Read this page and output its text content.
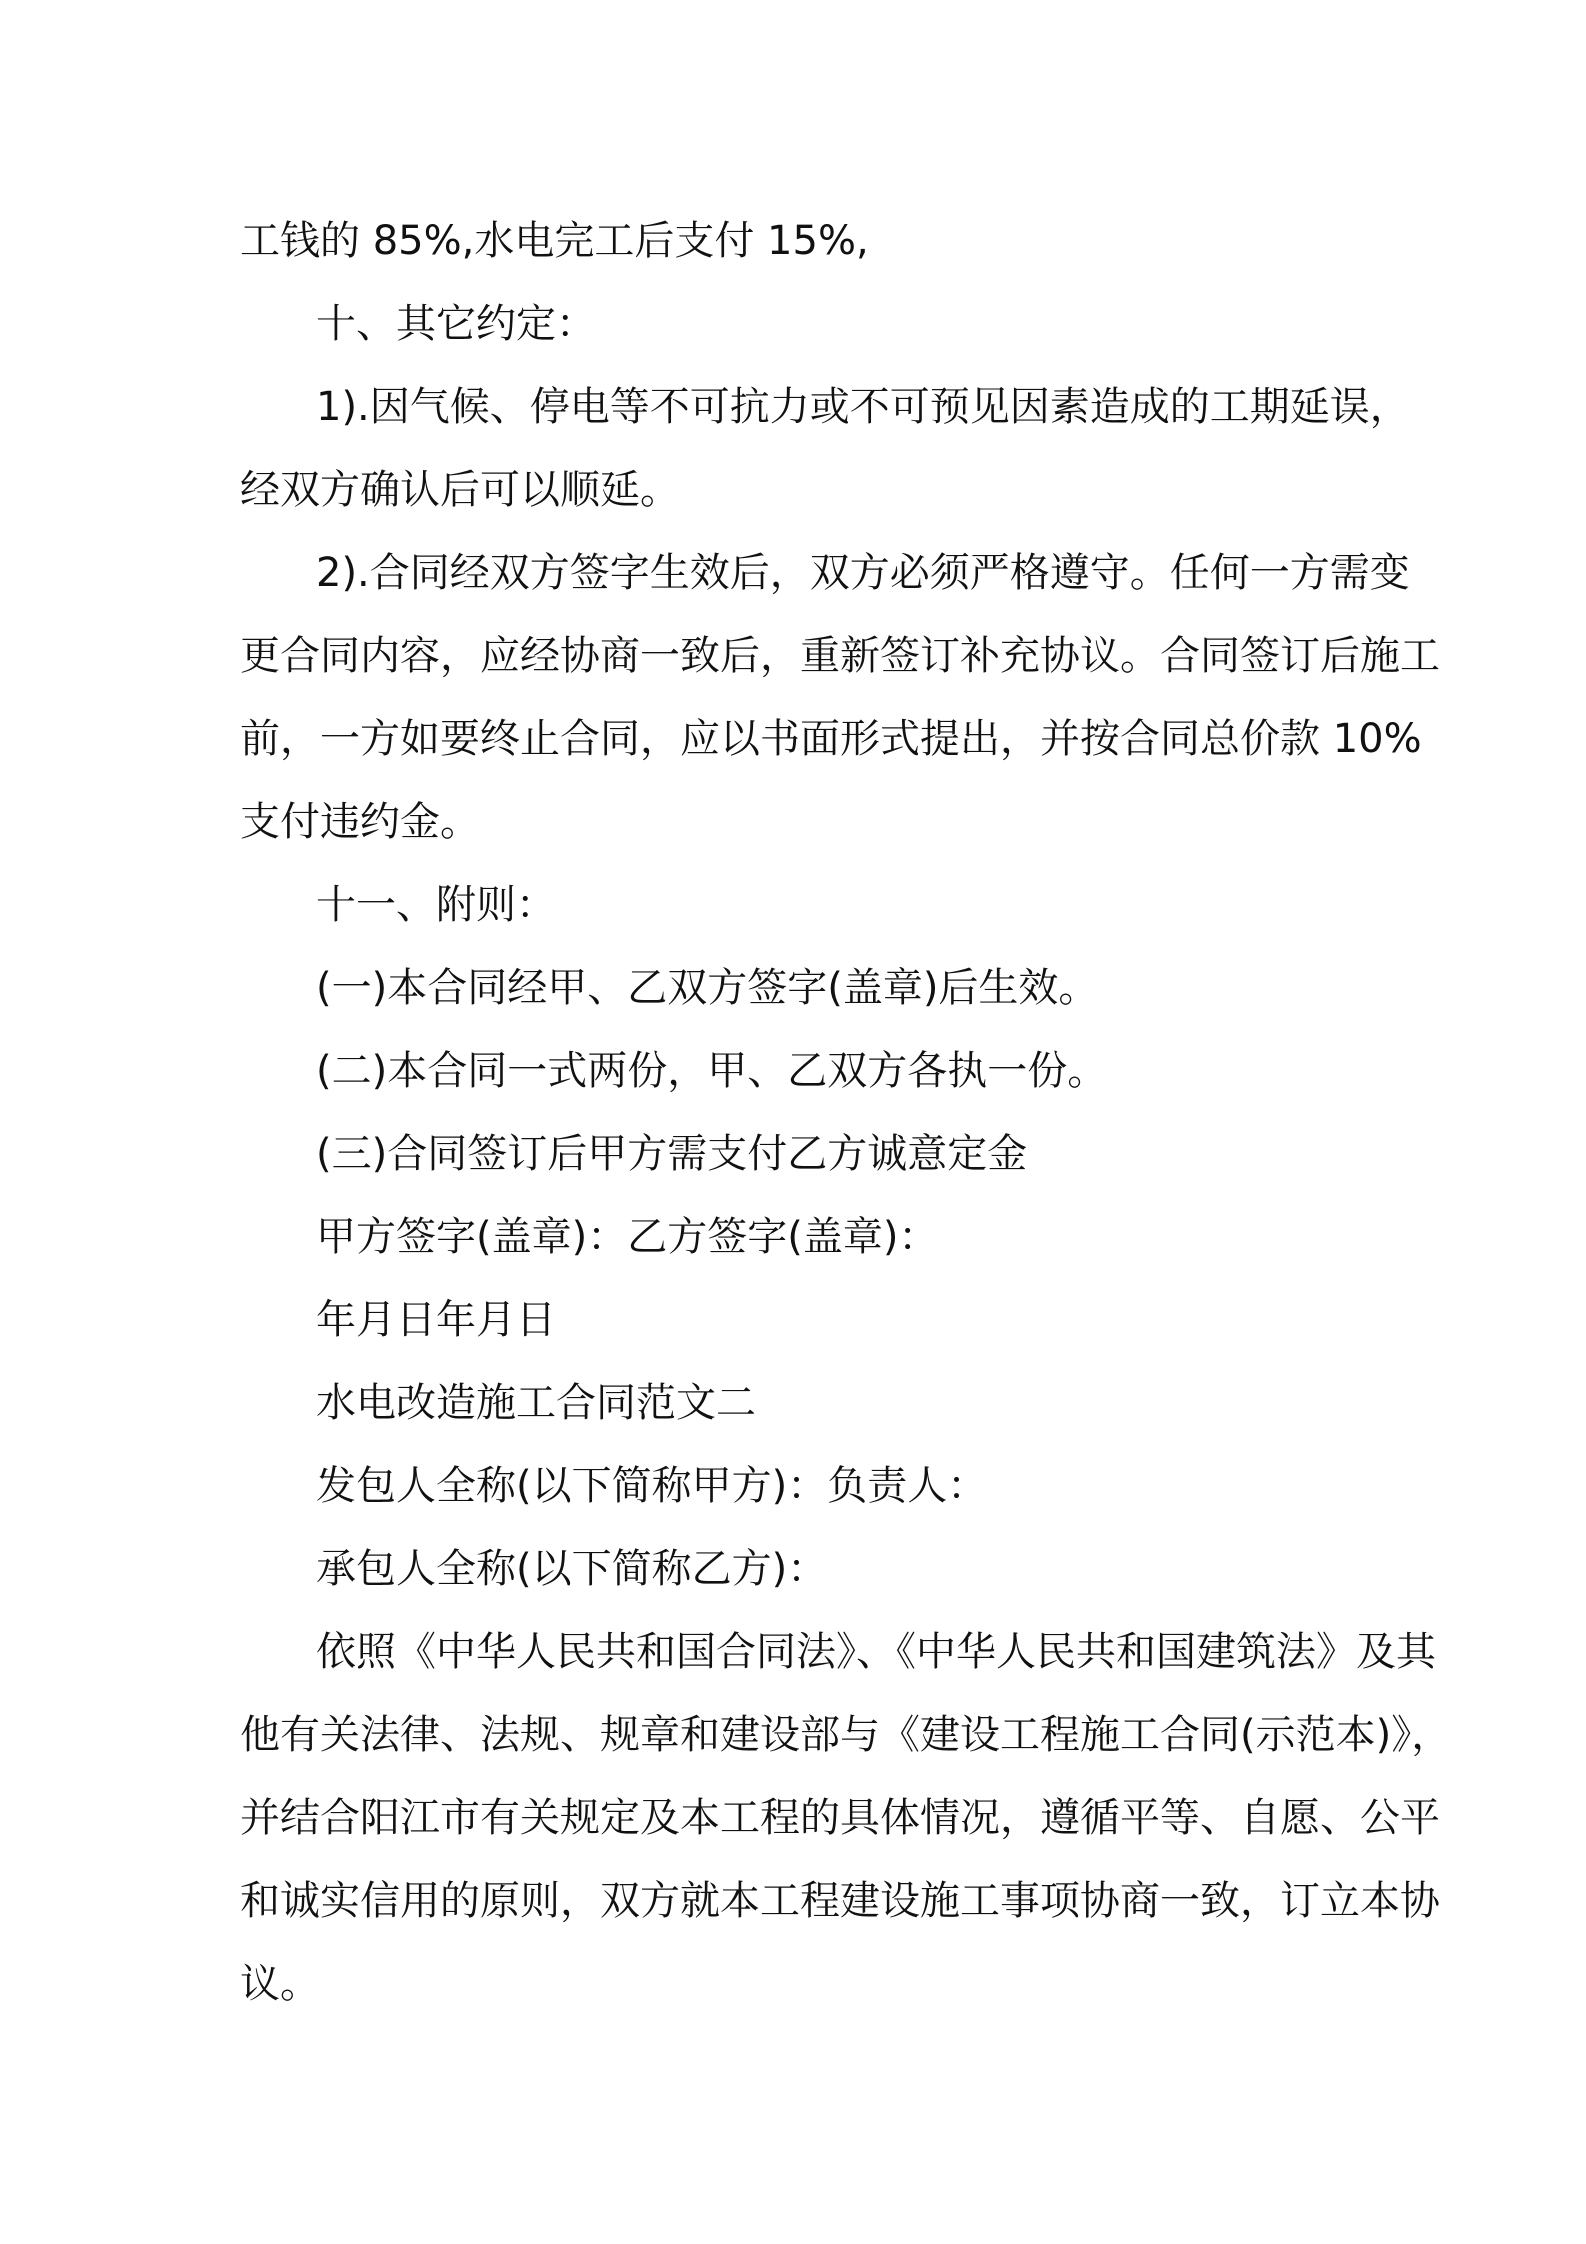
工钱的 85%,水电完工后支付 15%,
十、其它约定：
1).因气候、停电等不可抗力或不可预见因素造成的工期延误，
经双方确认后可以顺延。
2).合同经双方签字生效后，双方必须严格遵守。任何一方需变
更合同内容，应经协商一致后，重新签订补充协议。合同签订后施工
前，一方如要终止合同，应以书面形式提出，并按合同总价款 10%
支付违约金。
十一、附则：
(一)本合同经甲、乙双方签字(盖章)后生效。
(二)本合同一式两份，甲、乙双方各执一份。
(三)合同签订后甲方需支付乙方诚意定金
甲方签字(盖章)：乙方签字(盖章)：
年月日年月日
水电改造施工合同范文二
发包人全称(以下简称甲方)：负责人：
承包人全称(以下简称乙方)：
依照《中华人民共和国合同法》、《中华人民共和国建筑法》及其
他有关法律、法规、规章和建设部与《建设工程施工合同(示范本)》，
并结合阳江市有关规定及本工程的具体情况，遵循平等、自愿、公平
和诚实信用的原则，双方就本工程建设施工事项协商一致，订立本协
议。
